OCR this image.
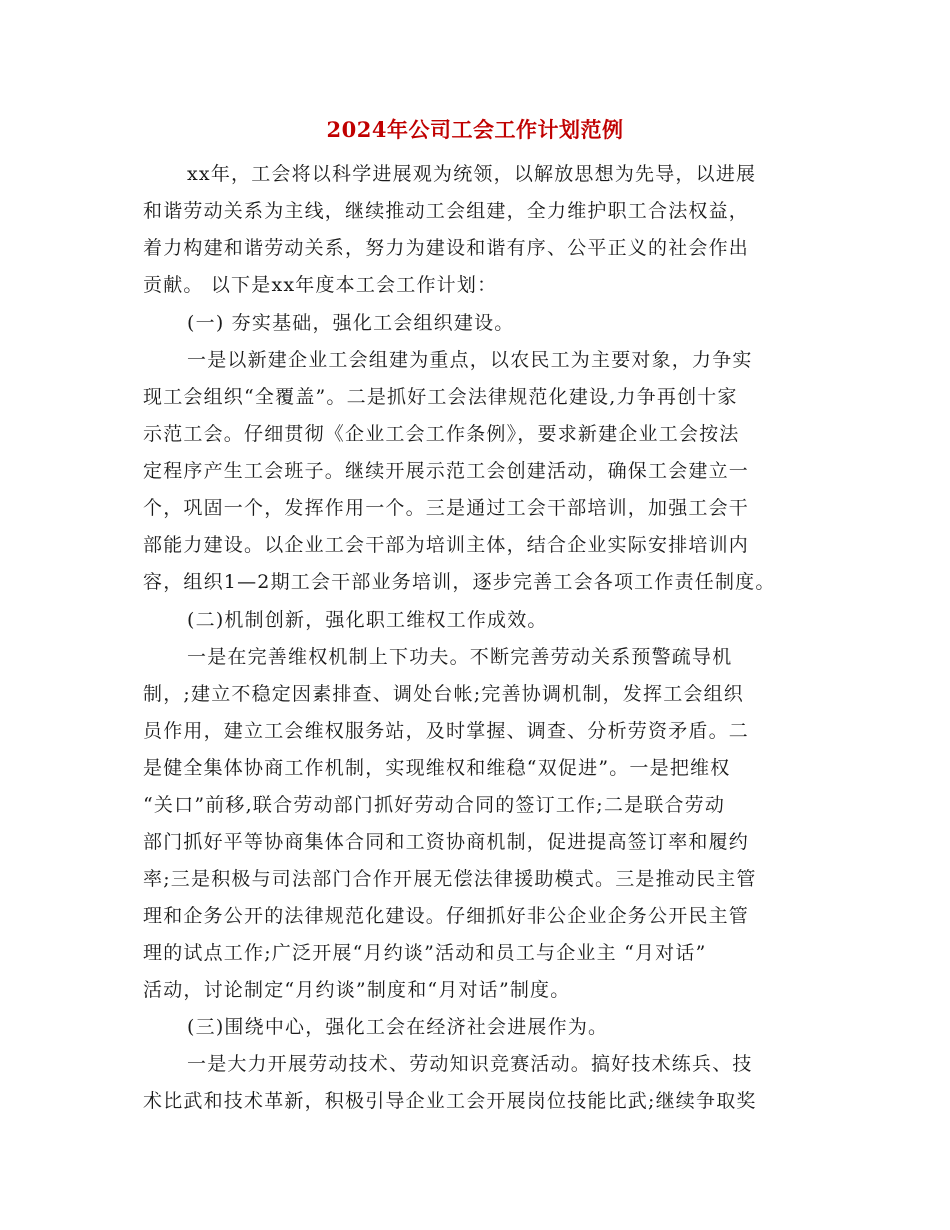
2024年公司工会工作计划范例
xx年，工会将以科学进展观为统领，以解放思想为先导，以进展
和谐劳动关系为主线，继续推动工会组建，全力维护职工合法权益，
着力构建和谐劳动关系，努力为建设和谐有序、公平正义的社会作出
贡献。 以下是xx年度本工会工作计划：
(一) 夯实基础，强化工会组织建设。
一是以新建企业工会组建为重点，以农民工为主要对象，力争实
现工会组织“全覆盖”。二是抓好工会法律规范化建设,力争再创十家
示范工会。仔细贯彻《企业工会工作条例》，要求新建企业工会按法
定程序产生工会班子。继续开展示范工会创建活动，确保工会建立一
个，巩固一个，发挥作用一个。三是通过工会干部培训，加强工会干
部能力建设。以企业工会干部为培训主体，结合企业实际安排培训内
容，组织1—2期工会干部业务培训，逐步完善工会各项工作责任制度。
(二)机制创新，强化职工维权工作成效。
一是在完善维权机制上下功夫。不断完善劳动关系预警疏导机
制，;建立不稳定因素排查、调处台帐;完善协调机制，发挥工会组织
员作用，建立工会维权服务站，及时掌握、调查、分析劳资矛盾。二
是健全集体协商工作机制，实现维权和维稳“双促进”。一是把维权
“关口”前移,联合劳动部门抓好劳动合同的签订工作;二是联合劳动
部门抓好平等协商集体合同和工资协商机制，促进提高签订率和履约
率;三是积极与司法部门合作开展无偿法律援助模式。三是推动民主管
理和企务公开的法律规范化建设。仔细抓好非公企业企务公开民主管
理的试点工作;广泛开展“月约谈”活动和员工与企业主 “月对话”
活动，讨论制定“月约谈”制度和“月对话”制度。
(三)围绕中心，强化工会在经济社会进展作为。
一是大力开展劳动技术、劳动知识竞赛活动。搞好技术练兵、技
术比武和技术革新，积极引导企业工会开展岗位技能比武;继续争取奖
